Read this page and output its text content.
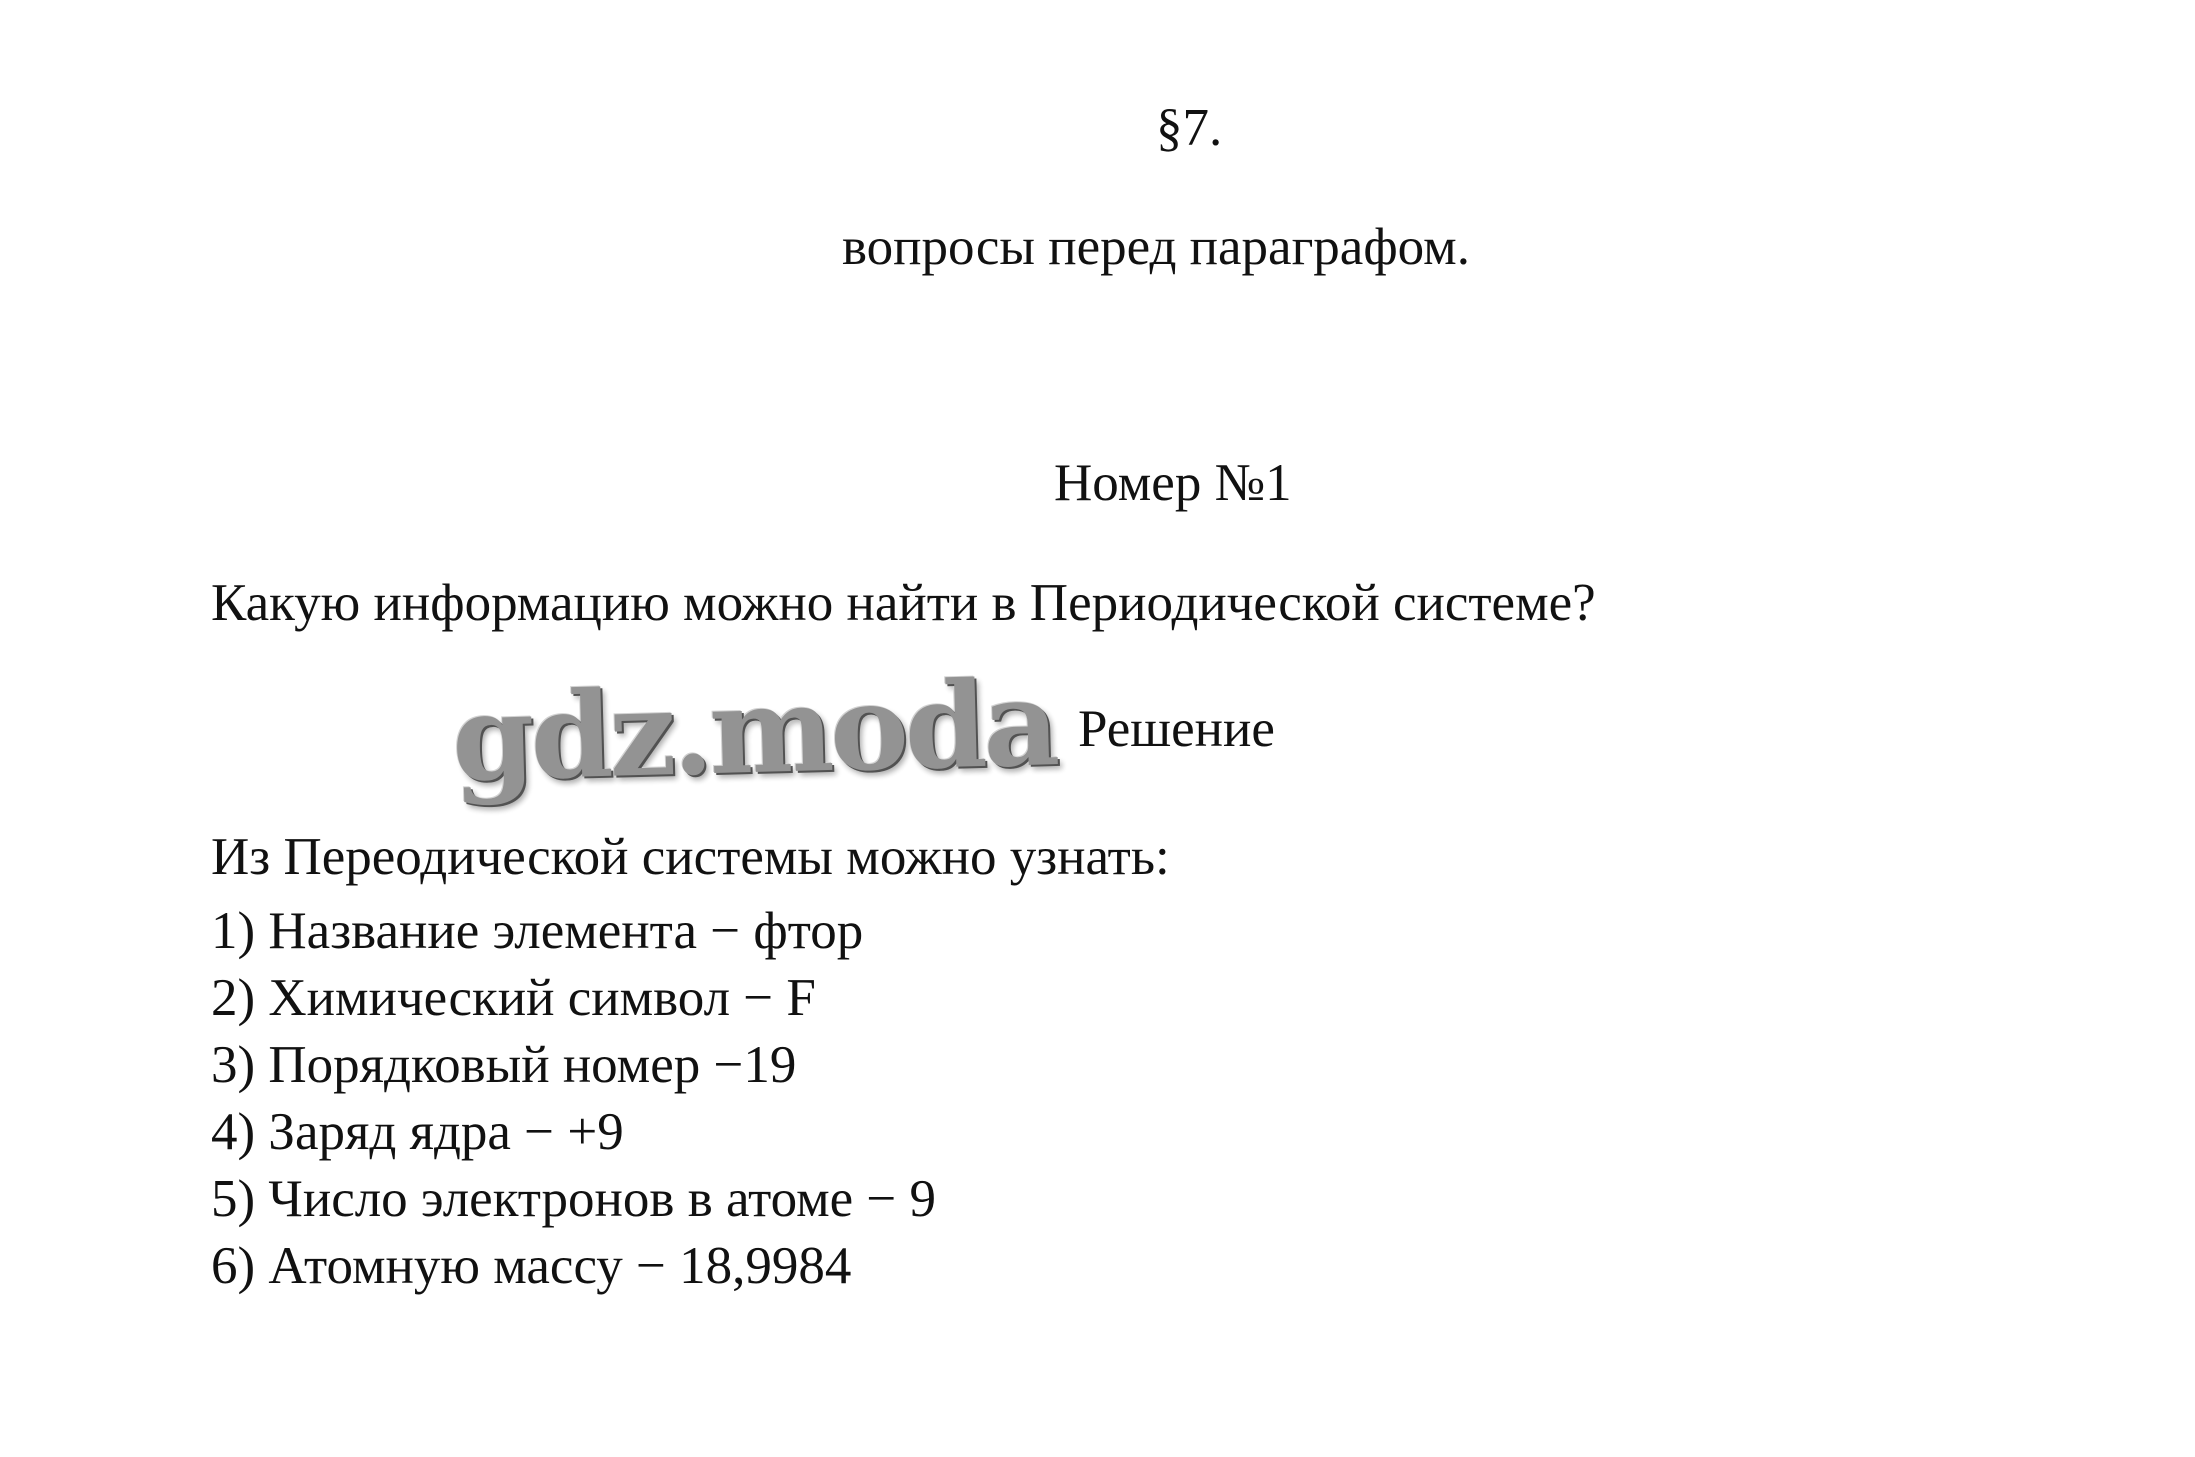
§7.
вопросы перед параграфом.
Номер №1
Какую информацию можно найти в Периодической системе?
gdz.moda Решение
Из Переодической системы можно узнать:
1) Название элемента − фтор
2) Химический символ − F
3) Порядковый номер −19
4) Заряд ядра − +9
5) Число электронов в атоме − 9
6) Атомную массу − 18,9984
